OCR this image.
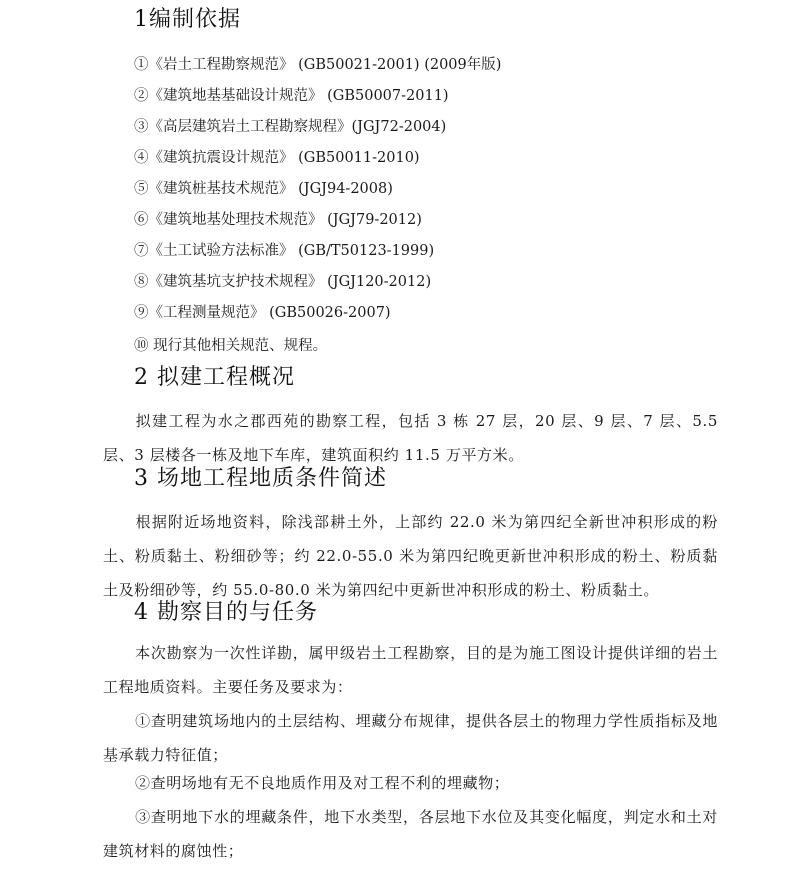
1编制依据
①《岩土工程勘察规范》 (GB50021-2001) (2009年版)
②《建筑地基基础设计规范》 (GB50007-2011)
③《高层建筑岩土工程勘察规程》(JGJ72-2004)
④《建筑抗震设计规范》 (GB50011-2010)
⑤《建筑桩基技术规范》 (JGJ94-2008)
⑥《建筑地基处理技术规范》 (JGJ79-2012)
⑦《土工试验方法标准》 (GB/T50123-1999)
⑧《建筑基坑支护技术规程》 (JGJ120-2012)
⑨《工程测量规范》 (GB50026-2007)
⑩ 现行其他相关规范、规程。
2 拟建工程概况

拟建工程为水之郡西苑的勘察工程，包括 3 栋 27 层，20 层、9 层、7 层、5.5 层、3 层楼各一栋及地下车库，建筑面积约 11.5 万平方米。

3 场地工程地质条件简述

根据附近场地资料，除浅部耕土外，上部约 22.0 米为第四纪全新世冲积形成的粉土、粉质黏土、粉细砂等；约 22.0-55.0 米为第四纪晚更新世冲积形成的粉土、粉质黏土及粉细砂等，约 55.0-80.0 米为第四纪中更新世冲积形成的粉土、粉质黏土。

4 勘察目的与任务

本次勘察为一次性详勘，属甲级岩土工程勘察，目的是为施工图设计提供详细的岩土工程地质资料。主要任务及要求为：

①查明建筑场地内的土层结构、埋藏分布规律，提供各层土的物理力学性质指标及地基承载力特征值；

②查明场地有无不良地质作用及对工程不利的埋藏物；

③查明地下水的埋藏条件，地下水类型，各层地下水位及其变化幅度，判定水和土对建筑材料的腐蚀性；
